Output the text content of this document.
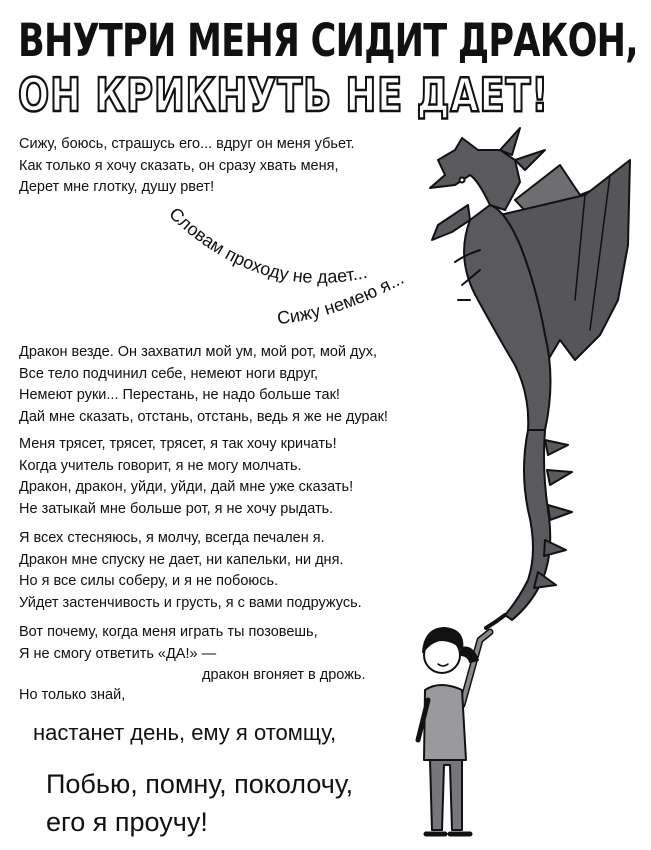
ВНУТРИ МЕНЯ СИДИТ ДРАКОН,
ОН КРИКНУТЬ НЕ ДАЕТ!
Сижу, боюсь, страшусь его... вдруг он меня убьет.
Как только я хочу сказать, он сразу хвать меня,
Дерет мне глотку, душу рвет!
Словам проходу не дает...
Сижу немею я...
Дракон везде. Он захватил мой ум, мой рот, мой дух,
Все тело подчинил себе, немеют ноги вдруг,
Немеют руки... Перестань, не надо больше так!
Дай мне сказать, отстань, отстань, ведь я же не дурак!
Меня трясет, трясет, трясет, я так хочу кричать!
Когда учитель говорит, я не могу молчать.
Дракон, дракон, уйди, уйди, дай мне уже сказать!
Не затыкай мне больше рот, я не хочу рыдать.
Я всех стесняюсь, я молчу, всегда печален я.
Дракон мне спуску не дает, ни капельки, ни дня.
Но я все силы соберу, и я не побоюсь.
Уйдет застенчивость и грусть, я с вами подружусь.
Вот почему, когда меня играть ты позовешь,
Я не смогу ответить «ДА!» —
дракон вгоняет в дрожь.
Но только знай,
настанет день, ему я отомщу,
Побью, помну, поколочу,
его я проучу!
